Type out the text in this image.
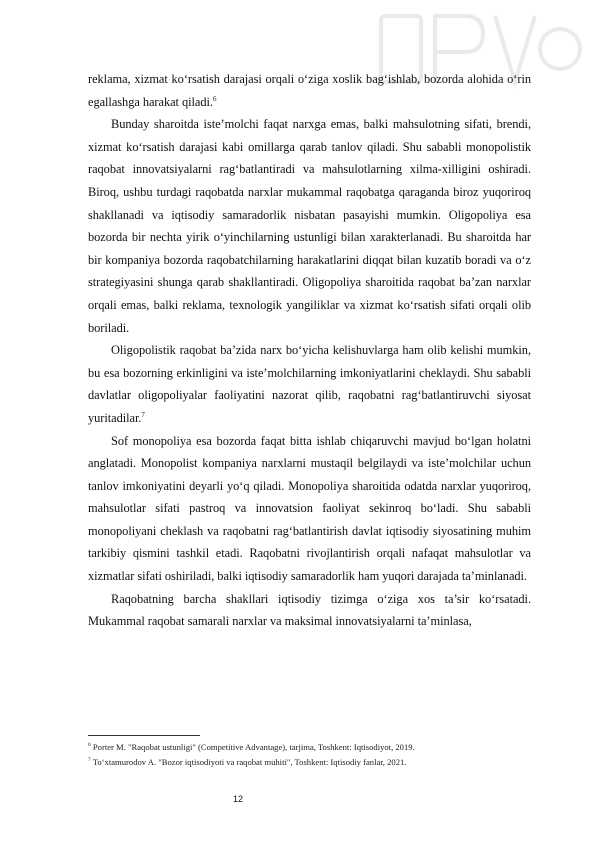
reklama, xizmat ko‘rsatish darajasi orqali o‘ziga xoslik bag‘ishlab, bozorda alohida o‘rin egallashga harakat qiladi.$^6$

Bunday sharoitda iste’molchi faqat narxga emas, balki mahsulotning sifati, brendi, xizmat ko‘rsatish darajasi kabi omillarga qarab tanlov qiladi. Shu sababli monopolistik raqobat innovatsiyalarni rag‘batlantiradi va mahsulotlarning xilma-xilligini oshiradi. Biroq, ushbu turdagi raqobatda narxlar mukammal raqobatga qaraganda biroz yuqoriroq shakllanadi va iqtisodiy samaradorlik nisbatan pasayishi mumkin. Oligopoliya esa bozorda bir nechta yirik o‘yinchilarning ustunligi bilan xarakterlanadi. Bu sharoitda har bir kompaniya bozorda raqobatchilarning harakatlarini diqqat bilan kuzatib boradi va o‘z strategiyasini shunga qarab shakllantiradi. Oligopoliya sharoitida raqobat ba’zan narxlar orqali emas, balki reklama, texnologik yangiliklar va xizmat ko‘rsatish sifati orqali olib boriladi.

Oligopolistik raqobat ba’zida narx bo‘yicha kelishuvlarga ham olib kelishi mumkin, bu esa bozorning erkinligini va iste’molchilarning imkoniyatlarini cheklaydi. Shu sababli davlatlar oligopoliyalar faoliyatini nazorat qilib, raqobatni rag‘batlantiruvchi siyosat yuritadilar.$^7$

Sof monopoliya esa bozorda faqat bitta ishlab chiqaruvchi mavjud bo‘lgan holatni anglatadi. Monopolist kompaniya narxlarni mustaqil belgilaydi va iste’molchilar uchun tanlov imkoniyatini deyarli yo‘q qiladi. Monopoliya sharoitida odatda narxlar yuqoriroq, mahsulotlar sifati pastroq va innovatsion faoliyat sekinroq bo‘ladi. Shu sababli monopoliyani cheklash va raqobatni rag‘batlantirish davlat iqtisodiy siyosatining muhim tarkibiy qismini tashkil etadi. Raqobatni rivojlantirish orqali nafaqat mahsulotlar va xizmatlar sifati oshiriladi, balki iqtisodiy samaradorlik ham yuqori darajada ta’minlanadi.

Raqobatning barcha shakllari iqtisodiy tizimga o‘ziga xos ta’sir ko‘rsatadi. Mukammal raqobat samarali narxlar va maksimal innovatsiyalarni ta’minlasa,

$^6$ Porter M. "Raqobat ustunligi" (Competitive Advantage), tarjima, Toshkent: Iqtisodiyot, 2019.
$^7$ To‘xtamurodov A. "Bozor iqtisodiyoti va raqobat muhiti", Toshkent: Iqtisodiy fanlar, 2021.
12
